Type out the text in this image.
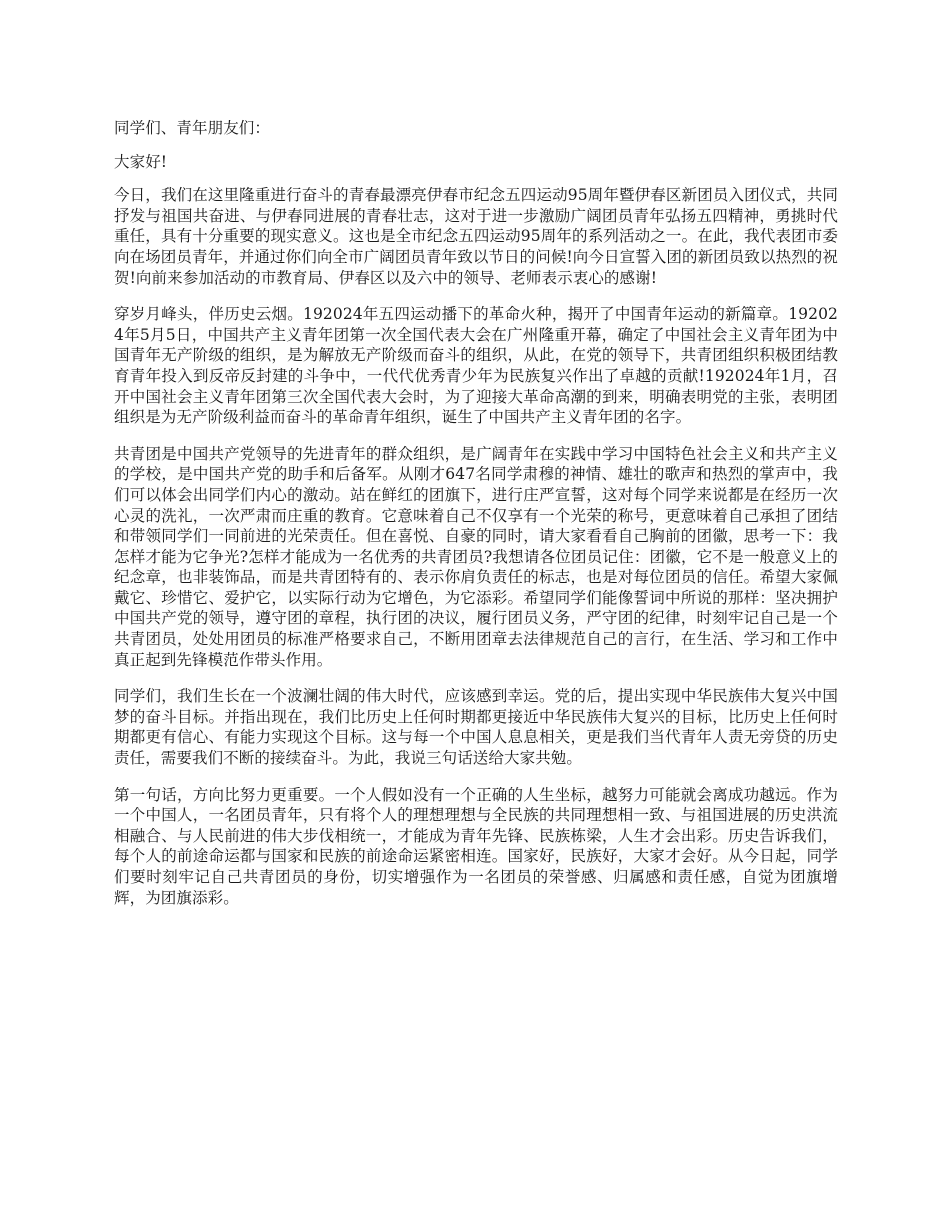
同学们、青年朋友们：

大家好!

今日，我们在这里隆重进行奋斗的青春最漂亮伊春市纪念五四运动95周年暨伊春区新团员入团仪式，共同抒发与祖国共奋进、与伊春同进展的青春壮志，这对于进一步激励广阔团员青年弘扬五四精神，勇挑时代重任，具有十分重要的现实意义。这也是全市纪念五四运动95周年的系列活动之一。在此，我代表团市委向在场团员青年，并通过你们向全市广阔团员青年致以节日的问候!向今日宣誓入团的新团员致以热烈的祝贺!向前来参加活动的市教育局、伊春区以及六中的领导、老师表示衷心的感谢!

穿岁月峰头，伴历史云烟。192024年五四运动播下的革命火种，揭开了中国青年运动的新篇章。192024年5月5日，中国共产主义青年团第一次全国代表大会在广州隆重开幕，确定了中国社会主义青年团为中国青年无产阶级的组织，是为解放无产阶级而奋斗的组织，从此，在党的领导下，共青团组织积极团结教育青年投入到反帝反封建的斗争中，一代代优秀青少年为民族复兴作出了卓越的贡献!192024年1月，召开中国社会主义青年团第三次全国代表大会时，为了迎接大革命高潮的到来，明确表明党的主张，表明团组织是为无产阶级利益而奋斗的革命青年组织，诞生了中国共产主义青年团的名字。

共青团是中国共产党领导的先进青年的群众组织，是广阔青年在实践中学习中国特色社会主义和共产主义的学校，是中国共产党的助手和后备军。从刚才647名同学肃穆的神情、雄壮的歌声和热烈的掌声中，我们可以体会出同学们内心的激动。站在鲜红的团旗下，进行庄严宣誓，这对每个同学来说都是在经历一次心灵的洗礼，一次严肃而庄重的教育。它意味着自己不仅享有一个光荣的称号，更意味着自己承担了团结和带领同学们一同前进的光荣责任。但在喜悦、自豪的同时，请大家看看自己胸前的团徽，思考一下：我怎样才能为它争光?怎样才能成为一名优秀的共青团员?我想请各位团员记住：团徽，它不是一般意义上的纪念章，也非装饰品，而是共青团特有的、表示你肩负责任的标志，也是对每位团员的信任。希望大家佩戴它、珍惜它、爱护它，以实际行动为它增色，为它添彩。希望同学们能像誓词中所说的那样：坚决拥护中国共产党的领导，遵守团的章程，执行团的决议，履行团员义务，严守团的纪律，时刻牢记自己是一个共青团员，处处用团员的标准严格要求自己，不断用团章去法律规范自己的言行，在生活、学习和工作中真正起到先锋模范作带头作用。

同学们，我们生长在一个波澜壮阔的伟大时代，应该感到幸运。党的后，提出实现中华民族伟大复兴中国梦的奋斗目标。并指出现在，我们比历史上任何时期都更接近中华民族伟大复兴的目标，比历史上任何时期都更有信心、有能力实现这个目标。这与每一个中国人息息相关，更是我们当代青年人责无旁贷的历史责任，需要我们不断的接续奋斗。为此，我说三句话送给大家共勉。

第一句话，方向比努力更重要。一个人假如没有一个正确的人生坐标，越努力可能就会离成功越远。作为一个中国人，一名团员青年，只有将个人的理想理想与全民族的共同理想相一致、与祖国进展的历史洪流相融合、与人民前进的伟大步伐相统一，才能成为青年先锋、民族栋梁，人生才会出彩。历史告诉我们，每个人的前途命运都与国家和民族的前途命运紧密相连。国家好，民族好，大家才会好。从今日起，同学们要时刻牢记自己共青团员的身份，切实增强作为一名团员的荣誉感、归属感和责任感，自觉为团旗增辉，为团旗添彩。
